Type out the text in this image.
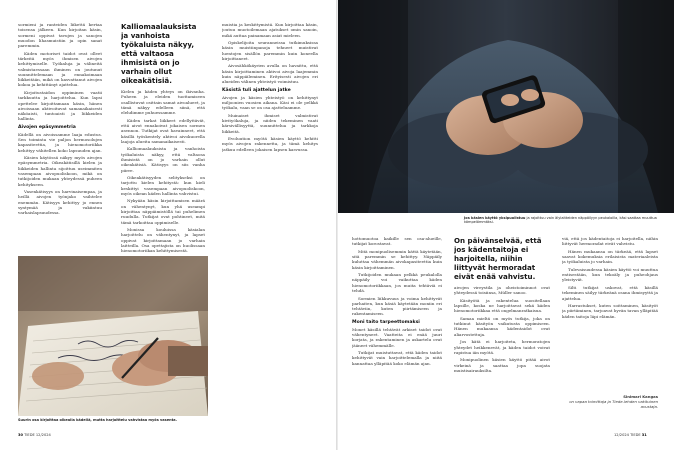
sormieni ja ranteiden liikettä kertaa toisensa jälkeen. Kun kirjoitan käsin, sormeni oppivat tavujen ja sanojen muodon lihasmuistiin ja opin sanat paremmin.

Käden motoriset taidot ovat olleet tärkeitä myös ihmisen aivojen kehittymiselle. Työkaluja ja välineitä valmistaessaan ihminen on joutunut suunnittelemaan ja ennakoimaan liikkeitään, mikä on kasvattanut aivojen kokoa ja kehittänyt ajattelua.

Kirjoitustaidon oppiminen vaatii tarkkuutta ja harjoittelua. Kun lapsi opettelee kirjoittamaan käsin, hänen aivoissaan aktivoituvat samanaikaisesti näköaisti, tuntoaisti ja liikkeiden hallinta.

Aivojen epäsymmetria

Kädellä on aivoissamme laaja edustus. Sen toiminta vie paljon hermosolujen kapasiteettia, ja hienomotoriikka kehittyy vähitellen koko lapsuuden ajan.

Käsien käytössä näkyy myös aivojen epäsymmetria. Oikeakätisillä kielen ja liikkeiden hallinta sijoittuu useimmiten vasempaan aivopuoliskoon, mikä on tutkijoiden mukaan yhteydessä puheen kehitykseen.

Vasenkätisyys on harvinaisempaa, ja heillä aivojen työnjako vaihtelee enemmän. Kätisyys kehittyy jo ennen syntymää ja vakiintuu varhaislapsuudessa.

Kalliomaalauksista ja vanhoista työkaluista näkyy, että valtaosa ihmisistä on jo varhain ollut oikeakätisiä.

Kielen ja käden yhteys on ikivanha. Puheen ja eleiden tuottamiseen osallistuvat osittain samat aivoalueet, ja tämä näkyy edelleen siinä, että elehdimme puhuessamme.

Käden tarkat liikkeet edellyttävät, että aivot ennakoivat jokaisen sormen asennon. Tutkijat ovat havainneet, että käsillä työskentely aktivoi aivokuorella laajoja alueita samanaikaisesti.

Kalliomaalauksista ja vanhoista työkaluista näkyy, että valtaosa ihmisistä on jo varhain ollut oikeakätisiä. Kätisyys on siis vanha piirre.

Oikeakätisyyden selitykseksi on tarjottu kielen kehitystä: kun kieli keskittyi vasempaan aivopuoliskoon, myös oikean käden hallinta vahvistui.

Nykyään käsin kirjoittamisen määrä on vähentynyt, kun yhä useampi kirjoittaa näppäimistöllä tai puhelimen ruudulla. Tutkijat ovat pohtineet, mitä tämä tarkoittaa oppimiselle.

Monissa kouluissa käsialan harjoittelu on vähentynyt, ja lapset oppivat kirjoittamaan jo varhain laitteilla. Osa opettajista on huolissaan hienomotoriikan kehittymisestä.

muistia ja keskittymistä. Kun kirjoittaa käsin, joutuu muotoilemaan ajatukset omin sanoin, mikä auttaa painamaan asiat mieleen.

Opiskelijoita seuranneissa tutkimuksissa käsin muistiinpanoja tehneet muistivat luentojen sisällön paremmin kuin koneella kirjoittaneet.

Aivosähkökäyrien avulla on havaittu, että käsin kirjoittaminen aktivoi aivoja laajemmin kuin näppäileminen. Erityisesti aivojen eri alueiden välinen yhteistyö voimistuu.

Käsistä tuli ajattelun jatke

Aivojen ja käsien yhteistyö on kehittynyt miljoonien vuosien aikana. Käsi ei ole pelkkä työkalu, vaan se on osa ajatteluamme.

Muinaiset ihmiset valmistivat kivityökaluja, ja niiden tekeminen vaati kärsivällisyyttä, suunnittelua ja tarkkoja liikkeitä.

Evoluution myötä käsien käyttö kehitti myös aivojen rakennetta, ja tämä kehitys jatkuu edelleen jokaisen lapsen kasvussa.

Suurin osa kirjoittaa oikealla kädellä, mutta harjoittelu vahvistaa myös vasenta.
30 TIEDE 12/2024
Jos käsien käyttö yksipuolistuu ja rajoittuu vain älylaitteiden näppäilyyn peukaloilla, käsi saattaa muuttua kömpelömmäksi.

hottomuotoa kaikille sen osa-alueille, tutkijat korostavat.

Mitä monipuolisemmin kättä käytetään, sitä paremmin se kehittyy. Näppäily kuluttaa vähemmän aivokapasiteettia kuin käsin kirjoittaminen.

Tutkijoiden mukaan pelkkä peukalolla näppäily voi vaikuttaa käden hienomotoriikkaan, jos muita tehtäviä ei tehdä.

Sormien liikkuvuus ja voima kehittyvät parhaiten, kun käsiä käytetään moniin eri tehtäviin, kuten piirtämiseen ja rakentamiseen.

Moni taito tarpeettomaksi

Monet käsillä tehtävät arkiset taidot ovat vähentyneet. Vaatteita ei enää juuri korjata, ja rakentaminen ja askartelu ovat jääneet vähemmälle.

Tutkijat muistuttavat, että käden taidot kehittyvät vain harjoittelemalla ja niitä kannattaa ylläpitää koko elämän ajan.

On päivänselvää, että jos kädentaitoja ei harjoitella, niihin liittyvät hermoradat eivät enää vahvistu.

aivojen vireystila ja oheistoiminnot ovat yhteydessä toisiinsa, Müller sanoo.

Käsityötä ja rakentelua suositellaan lapsille, koska ne harjoittavat sekä käden hienomotoriikkaa että ongelmanratkaisua.

Samaa mieltä on myös tutkija, joka on tutkinut käsityön vaikutusta oppimiseen. Hänen mukaansa kädentaidot ovat aliarvostettuja.

Jos kätä ei harjoiteta, hermoratojen yhteydet heikkenevät, ja käden taidot voivat rapistua iän myötä.

Monipuolinen käsien käyttö pitää aivot virkeinä ja saattaa jopa suojata muistisairauksilta.

viä, että jos kädentaitoja ei harjoitella, niihin liittyvät hermoradat eivät vahvistu.

Hänen mukaansa on tärkeää, että lapset saavat kokemuksia erilaisista materiaaleista ja työkaluista jo varhain.

Tulevaisuudessa käsien käyttö voi muuttua entisestään, kun tekoäly ja puheohjaus yleistyvät.

Silti tutkijat uskovat, että käsillä tekeminen säilyy tärkeänä osana ihmisyyttä ja ajattelua.

Harrastukset, kuten soittaminen, käsityöt ja piirtäminen, tarjoavat hyvän tavan ylläpitää käden taitoja läpi elämän.

Sinimari Kangas
on vapaa toimittaja ja Tiede-lehden vakituinen avustaja.
12/2024 TIEDE 31
